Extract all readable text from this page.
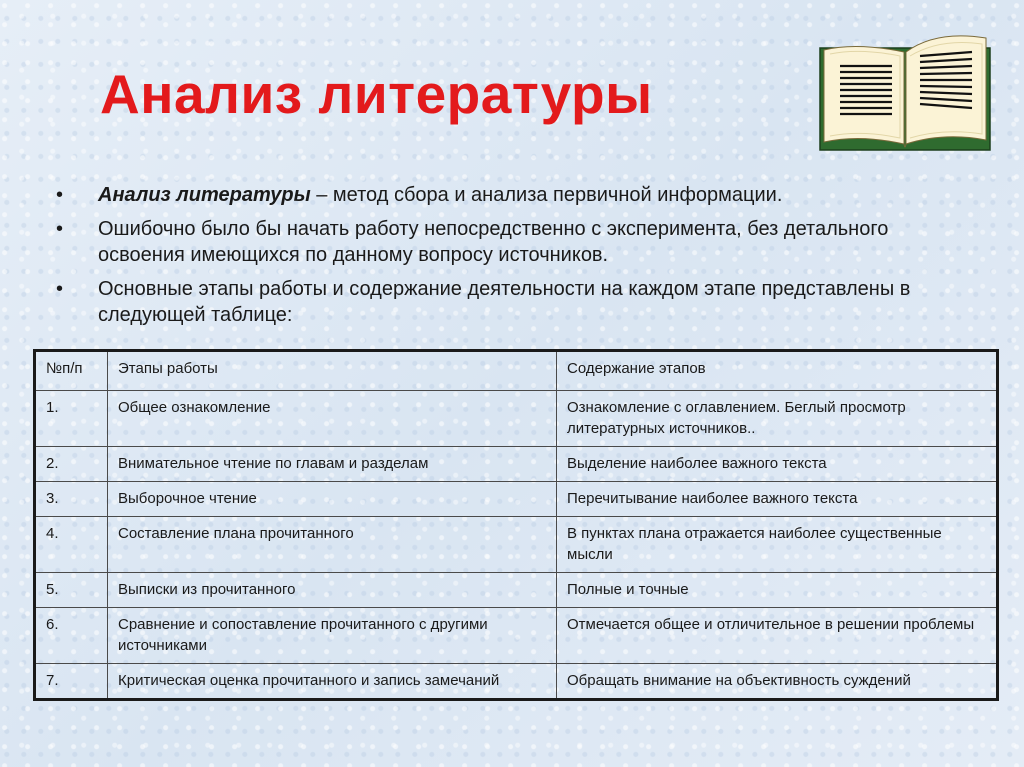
Анализ литературы
• Анализ литературы – метод сбора и анализа первичной информации.
• Ошибочно было бы начать работу непосредственно с эксперимента, без детального освоения имеющихся по данному вопросу источников.
• Основные этапы работы и содержание деятельности на каждом этапе представлены в следующей таблице:
№п/п	Этапы работы	Содержание этапов
1.	Общее ознакомление	Ознакомление с оглавлением. Беглый просмотр литературных источников..
2.	Внимательное чтение по главам и разделам	Выделение наиболее важного текста
3.	Выборочное чтение	Перечитывание наиболее важного текста
4.	Составление плана прочитанного	В пунктах плана отражается наиболее существенные мысли
5.	Выписки из прочитанного	Полные и точные
6.	Сравнение и сопоставление прочитанного с другими источниками	Отмечается общее и отличительное в решении проблемы
7.	Критическая оценка прочитанного и запись замечаний	Обращать внимание на объективность суждений
